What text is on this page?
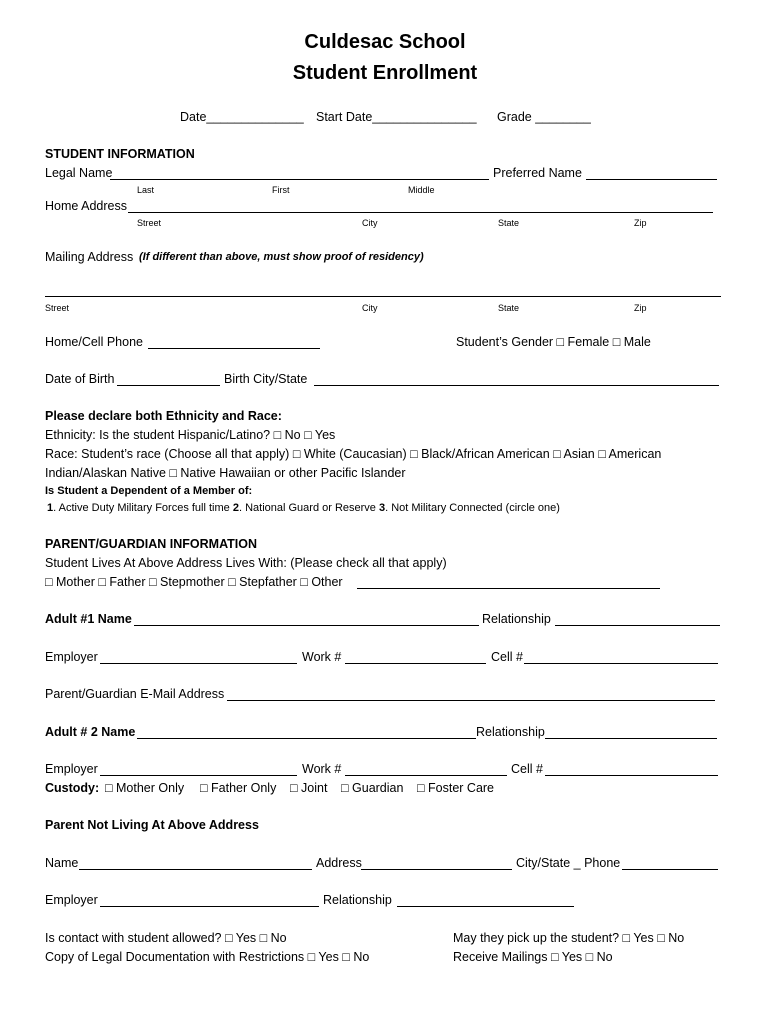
Culdesac School
Student Enrollment
Date______________ Start Date_______________ Grade ________
STUDENT INFORMATION
Legal Name	Preferred Name
Last	First	Middle
Home Address
Street	City	State	Zip
Mailing Address (If different than above, must show proof of residency)
Street	City	State	Zip
Home/Cell Phone	Student’s Gender □ Female □ Male
Date of Birth	Birth City/State
Please declare both Ethnicity and Race:
Ethnicity: Is the student Hispanic/Latino? □ No □ Yes
Race: Student’s race (Choose all that apply) □ White (Caucasian) □ Black/African American □ Asian □ American
Indian/Alaskan Native □ Native Hawaiian or other Pacific Islander
Is Student a Dependent of a Member of:
1. Active Duty Military Forces full time 2. National Guard or Reserve 3. Not Military Connected (circle one)
PARENT/GUARDIAN INFORMATION
Student Lives At Above Address Lives With: (Please check all that apply)
□ Mother □ Father □ Stepmother □ Stepfather □ Other
Adult #1 Name	Relationship
Employer	Work #	Cell #
Parent/Guardian E-Mail Address
Adult # 2 Name	Relationship
Employer	Work #	Cell #
Custody: □ Mother Only □ Father Only □ Joint □ Guardian □ Foster Care
Parent Not Living At Above Address
Name	Address	City/State _ Phone
Employer	Relationship
Is contact with student allowed? □ Yes □ No	May they pick up the student? □ Yes □ No
Copy of Legal Documentation with Restrictions □ Yes □ No	Receive Mailings □ Yes □ No
